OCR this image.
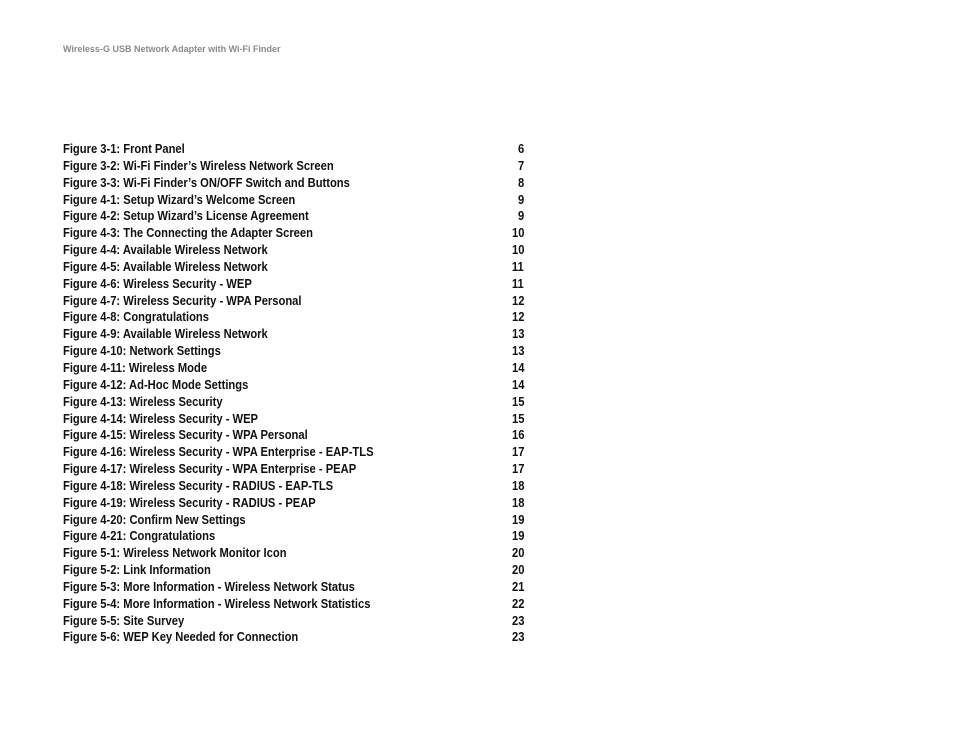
Wireless-G USB Network Adapter with Wi-Fi Finder
Figure 3-1: Front Panel	6
Figure 3-2: Wi-Fi Finder’s Wireless Network Screen	7
Figure 3-3: Wi-Fi Finder’s ON/OFF Switch and Buttons	8
Figure 4-1: Setup Wizard’s Welcome Screen	9
Figure 4-2: Setup Wizard’s License Agreement	9
Figure 4-3: The Connecting the Adapter Screen	10
Figure 4-4: Available Wireless Network	10
Figure 4-5: Available Wireless Network	11
Figure 4-6: Wireless Security - WEP	11
Figure 4-7: Wireless Security - WPA Personal	12
Figure 4-8: Congratulations	12
Figure 4-9: Available Wireless Network	13
Figure 4-10: Network Settings	13
Figure 4-11: Wireless Mode	14
Figure 4-12: Ad-Hoc Mode Settings	14
Figure 4-13: Wireless Security	15
Figure 4-14: Wireless Security - WEP	15
Figure 4-15: Wireless Security - WPA Personal	16
Figure 4-16: Wireless Security - WPA Enterprise - EAP-TLS	17
Figure 4-17: Wireless Security - WPA Enterprise - PEAP	17
Figure 4-18: Wireless Security - RADIUS - EAP-TLS	18
Figure 4-19: Wireless Security - RADIUS - PEAP	18
Figure 4-20: Confirm New Settings	19
Figure 4-21: Congratulations	19
Figure 5-1: Wireless Network Monitor Icon	20
Figure 5-2: Link Information	20
Figure 5-3: More Information - Wireless Network Status	21
Figure 5-4: More Information - Wireless Network Statistics	22
Figure 5-5: Site Survey	23
Figure 5-6: WEP Key Needed for Connection	23
